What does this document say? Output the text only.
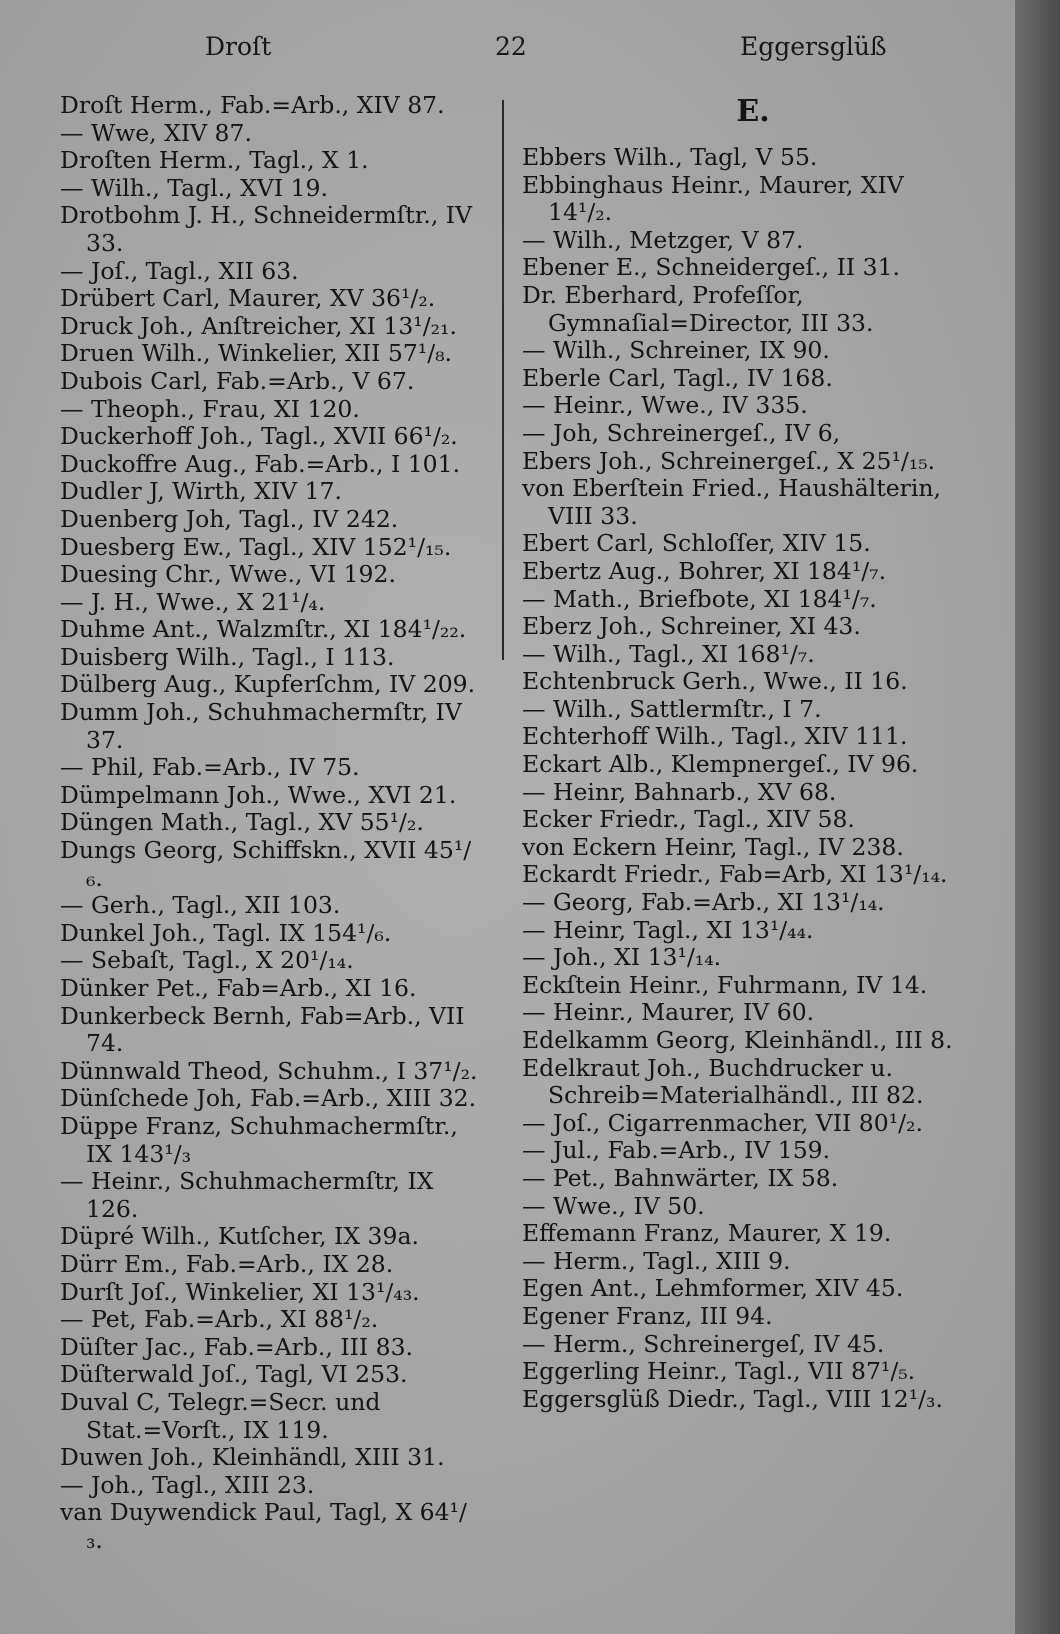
Droſt	22	Eggersglüß
Droſt Herm., Fab.=Arb., XIV 87.
— Wwe, XIV 87.
Droſten Herm., Tagl., X 1.
— Wilh., Tagl., XVI 19.
Drotbohm J. H., Schneidermſtr., IV 33.
— Joſ., Tagl., XII 63.
Drübert Carl, Maurer, XV 36¹/₂.
Druck Joh., Anſtreicher, XI 13¹/₂₁.
Druen Wilh., Winkelier, XII 57¹/₈.
Dubois Carl, Fab.=Arb., V 67.
— Theoph., Frau, XI 120.
Duckerhoff Joh., Tagl., XVII 66¹/₂.
Duckoffre Aug., Fab.=Arb., I 101.
Dudler J, Wirth, XIV 17.
Duenberg Joh, Tagl., IV 242.
Duesberg Ew., Tagl., XIV 152¹/₁₅.
Duesing Chr., Wwe., VI 192.
— J. H., Wwe., X 21¹/₄.
Duhme Ant., Walzmſtr., XI 184¹/₂₂.
Duisberg Wilh., Tagl., I 113.
Dülberg Aug., Kupferſchm, IV 209.
Dumm Joh., Schuhmachermſtr, IV 37.
— Phil, Fab.=Arb., IV 75.
Dümpelmann Joh., Wwe., XVI 21.
Düngen Math., Tagl., XV 55¹/₂.
Dungs Georg, Schiffskn., XVII 45¹/₆.
— Gerh., Tagl., XII 103.
Dunkel Joh., Tagl. IX 154¹/₆.
— Sebaſt, Tagl., X 20¹/₁₄.
Dünker Pet., Fab=Arb., XI 16.
Dunkerbeck Bernh, Fab=Arb., VII 74.
Dünnwald Theod, Schuhm., I 37¹/₂.
Dünſchede Joh, Fab.=Arb., XIII 32.
Düppe Franz, Schuhmachermſtr., IX 143¹/₃
— Heinr., Schuhmachermſtr, IX 126.
Düpré Wilh., Kutſcher, IX 39a.
Dürr Em., Fab.=Arb., IX 28.
Durſt Joſ., Winkelier, XI 13¹/₄₃.
— Pet, Fab.=Arb., XI 88¹/₂.
Düſter Jac., Fab.=Arb., III 83.
Düſterwald Joſ., Tagl, VI 253.
Duval C, Telegr.=Secr. und Stat.=Vorſt., IX 119.
Duwen Joh., Kleinhändl, XIII 31.
— Joh., Tagl., XIII 23.
van Duywendick Paul, Tagl, X 64¹/₃.
E.
Ebbers Wilh., Tagl, V 55.
Ebbinghaus Heinr., Maurer, XIV 14¹/₂.
— Wilh., Metzger, V 87.
Ebener E., Schneidergeſ., II 31.
Dr. Eberhard, Profeſſor, Gymnaſial=Director, III 33.
— Wilh., Schreiner, IX 90.
Eberle Carl, Tagl., IV 168.
— Heinr., Wwe., IV 335.
— Joh, Schreinergeſ., IV 6,
Ebers Joh., Schreinergeſ., X 25¹/₁₅.
von Eberſtein Fried., Haushälterin, VIII 33.
Ebert Carl, Schloſſer, XIV 15.
Ebertz Aug., Bohrer, XI 184¹/₇.
— Math., Briefbote, XI 184¹/₇.
Eberz Joh., Schreiner, XI 43.
— Wilh., Tagl., XI 168¹/₇.
Echtenbruck Gerh., Wwe., II 16.
— Wilh., Sattlermſtr., I 7.
Echterhoff Wilh., Tagl., XIV 111.
Eckart Alb., Klempnergeſ., IV 96.
— Heinr, Bahnarb., XV 68.
Ecker Friedr., Tagl., XIV 58.
von Eckern Heinr, Tagl., IV 238.
Eckardt Friedr., Fab=Arb, XI 13¹/₁₄.
— Georg, Fab.=Arb., XI 13¹/₁₄.
— Heinr, Tagl., XI 13¹/₄₄.
— Joh., XI 13¹/₁₄.
Eckſtein Heinr., Fuhrmann, IV 14.
— Heinr., Maurer, IV 60.
Edelkamm Georg, Kleinhändl., III 8.
Edelkraut Joh., Buchdrucker u. Schreib=Materialhändl., III 82.
— Joſ., Cigarrenmacher, VII 80¹/₂.
— Jul., Fab.=Arb., IV 159.
— Pet., Bahnwärter, IX 58.
— Wwe., IV 50.
Effemann Franz, Maurer, X 19.
— Herm., Tagl., XIII 9.
Egen Ant., Lehmformer, XIV 45.
Egener Franz, III 94.
— Herm., Schreinergeſ, IV 45.
Eggerling Heinr., Tagl., VII 87¹/₅.
Eggersglüß Diedr., Tagl., VIII 12¹/₃.
